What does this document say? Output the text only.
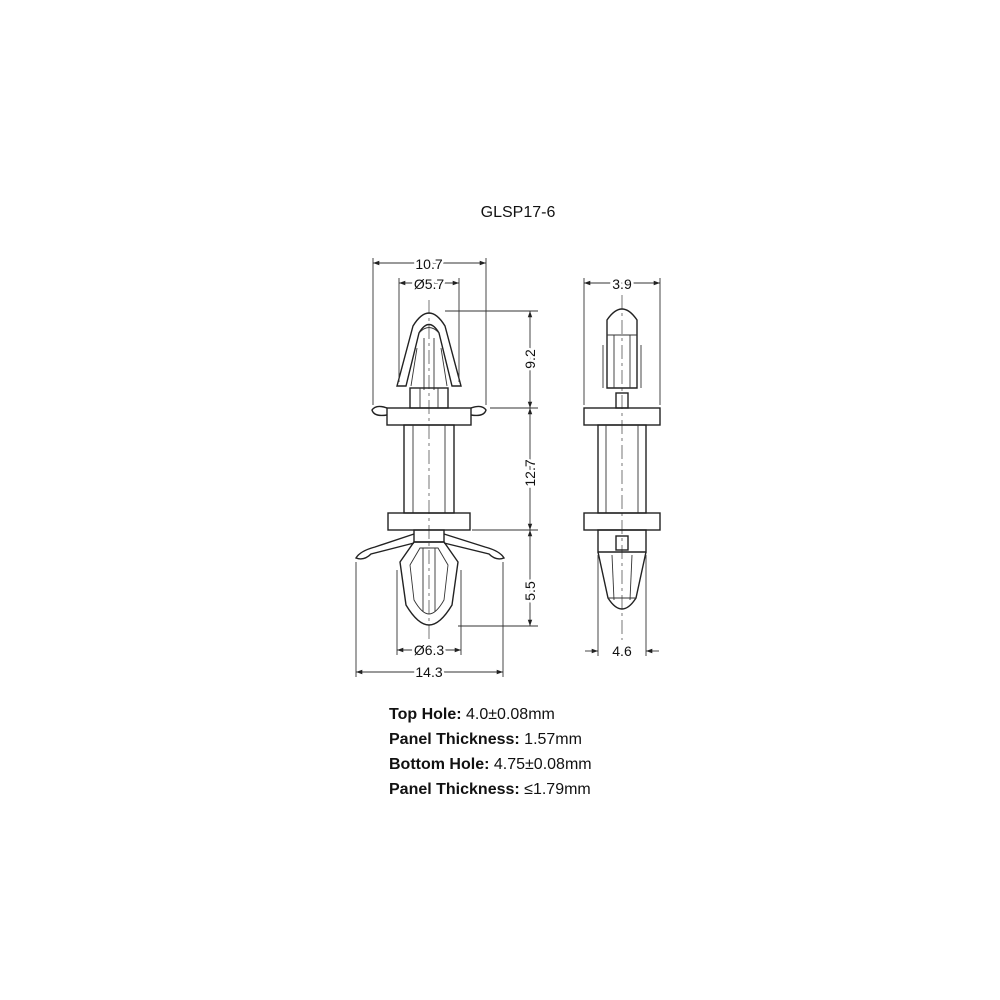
GLSP17-6
10.7
Ø5.7
9.2
12.7
5.5
Ø6.3
14.3
3.9
4.6
Top Hole: 4.0±0.08mm
Panel Thickness: 1.57mm
Bottom Hole: 4.75±0.08mm
Panel Thickness: ≤1.79mm
